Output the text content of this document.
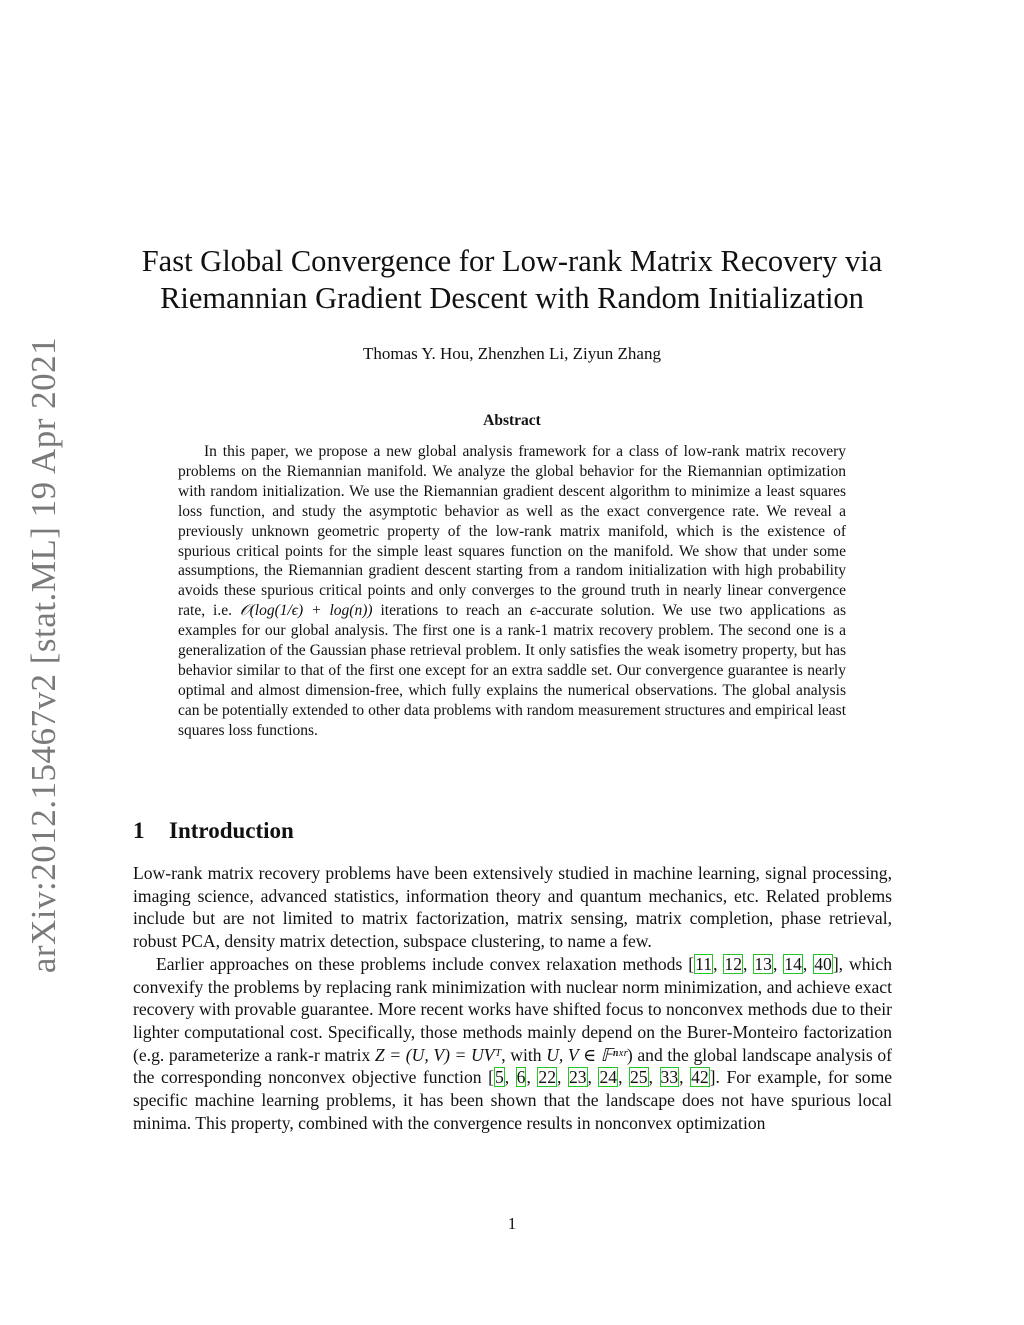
arXiv:2012.15467v2 [stat.ML] 19 Apr 2021
Fast Global Convergence for Low-rank Matrix Recovery via
Riemannian Gradient Descent with Random Initialization
Thomas Y. Hou, Zhenzhen Li, Ziyun Zhang
Abstract
In this paper, we propose a new global analysis framework for a class of low-rank matrix recovery problems on the Riemannian manifold. We analyze the global behavior for the Riemannian optimization with random initialization. We use the Riemannian gradient descent algorithm to minimize a least squares loss function, and study the asymptotic behavior as well as the exact convergence rate. We reveal a previously unknown geometric property of the low-rank matrix manifold, which is the existence of spurious critical points for the simple least squares function on the manifold. We show that under some assumptions, the Riemannian gradient descent starting from a random initialization with high probability avoids these spurious critical points and only converges to the ground truth in nearly linear convergence rate, i.e. 𝒪(log(1/ϵ) + log(n)) iterations to reach an ϵ-accurate solution. We use two applications as examples for our global analysis. The first one is a rank-1 matrix recovery problem. The second one is a generalization of the Gaussian phase retrieval problem. It only satisfies the weak isometry property, but has behavior similar to that of the first one except for an extra saddle set. Our convergence guarantee is nearly optimal and almost dimension-free, which fully explains the numerical observations. The global analysis can be potentially extended to other data problems with random measurement structures and empirical least squares loss functions.
1 Introduction

Low-rank matrix recovery problems have been extensively studied in machine learning, signal processing, imaging science, advanced statistics, information theory and quantum mechanics, etc. Related problems include but are not limited to matrix factorization, matrix sensing, matrix completion, phase retrieval, robust PCA, density matrix detection, subspace clustering, to name a few.

Earlier approaches on these problems include convex relaxation methods [11, 12, 13, 14, 40], which convexify the problems by replacing rank minimization with nuclear norm minimization, and achieve exact recovery with provable guarantee. More recent works have shifted focus to nonconvex methods due to their lighter computational cost. Specifically, those methods mainly depend on the Burer-Monteiro factorization (e.g. parameterize a rank-r matrix Z = (U, V) = UVᵀ, with U, V ∈ 𝔽ⁿˣʳ) and the global landscape analysis of the corresponding nonconvex objective function [5, 6, 22, 23, 24, 25, 33, 42]. For example, for some specific machine learning problems, it has been shown that the landscape does not have spurious local minima. This property, combined with the convergence results in nonconvex optimization

1
